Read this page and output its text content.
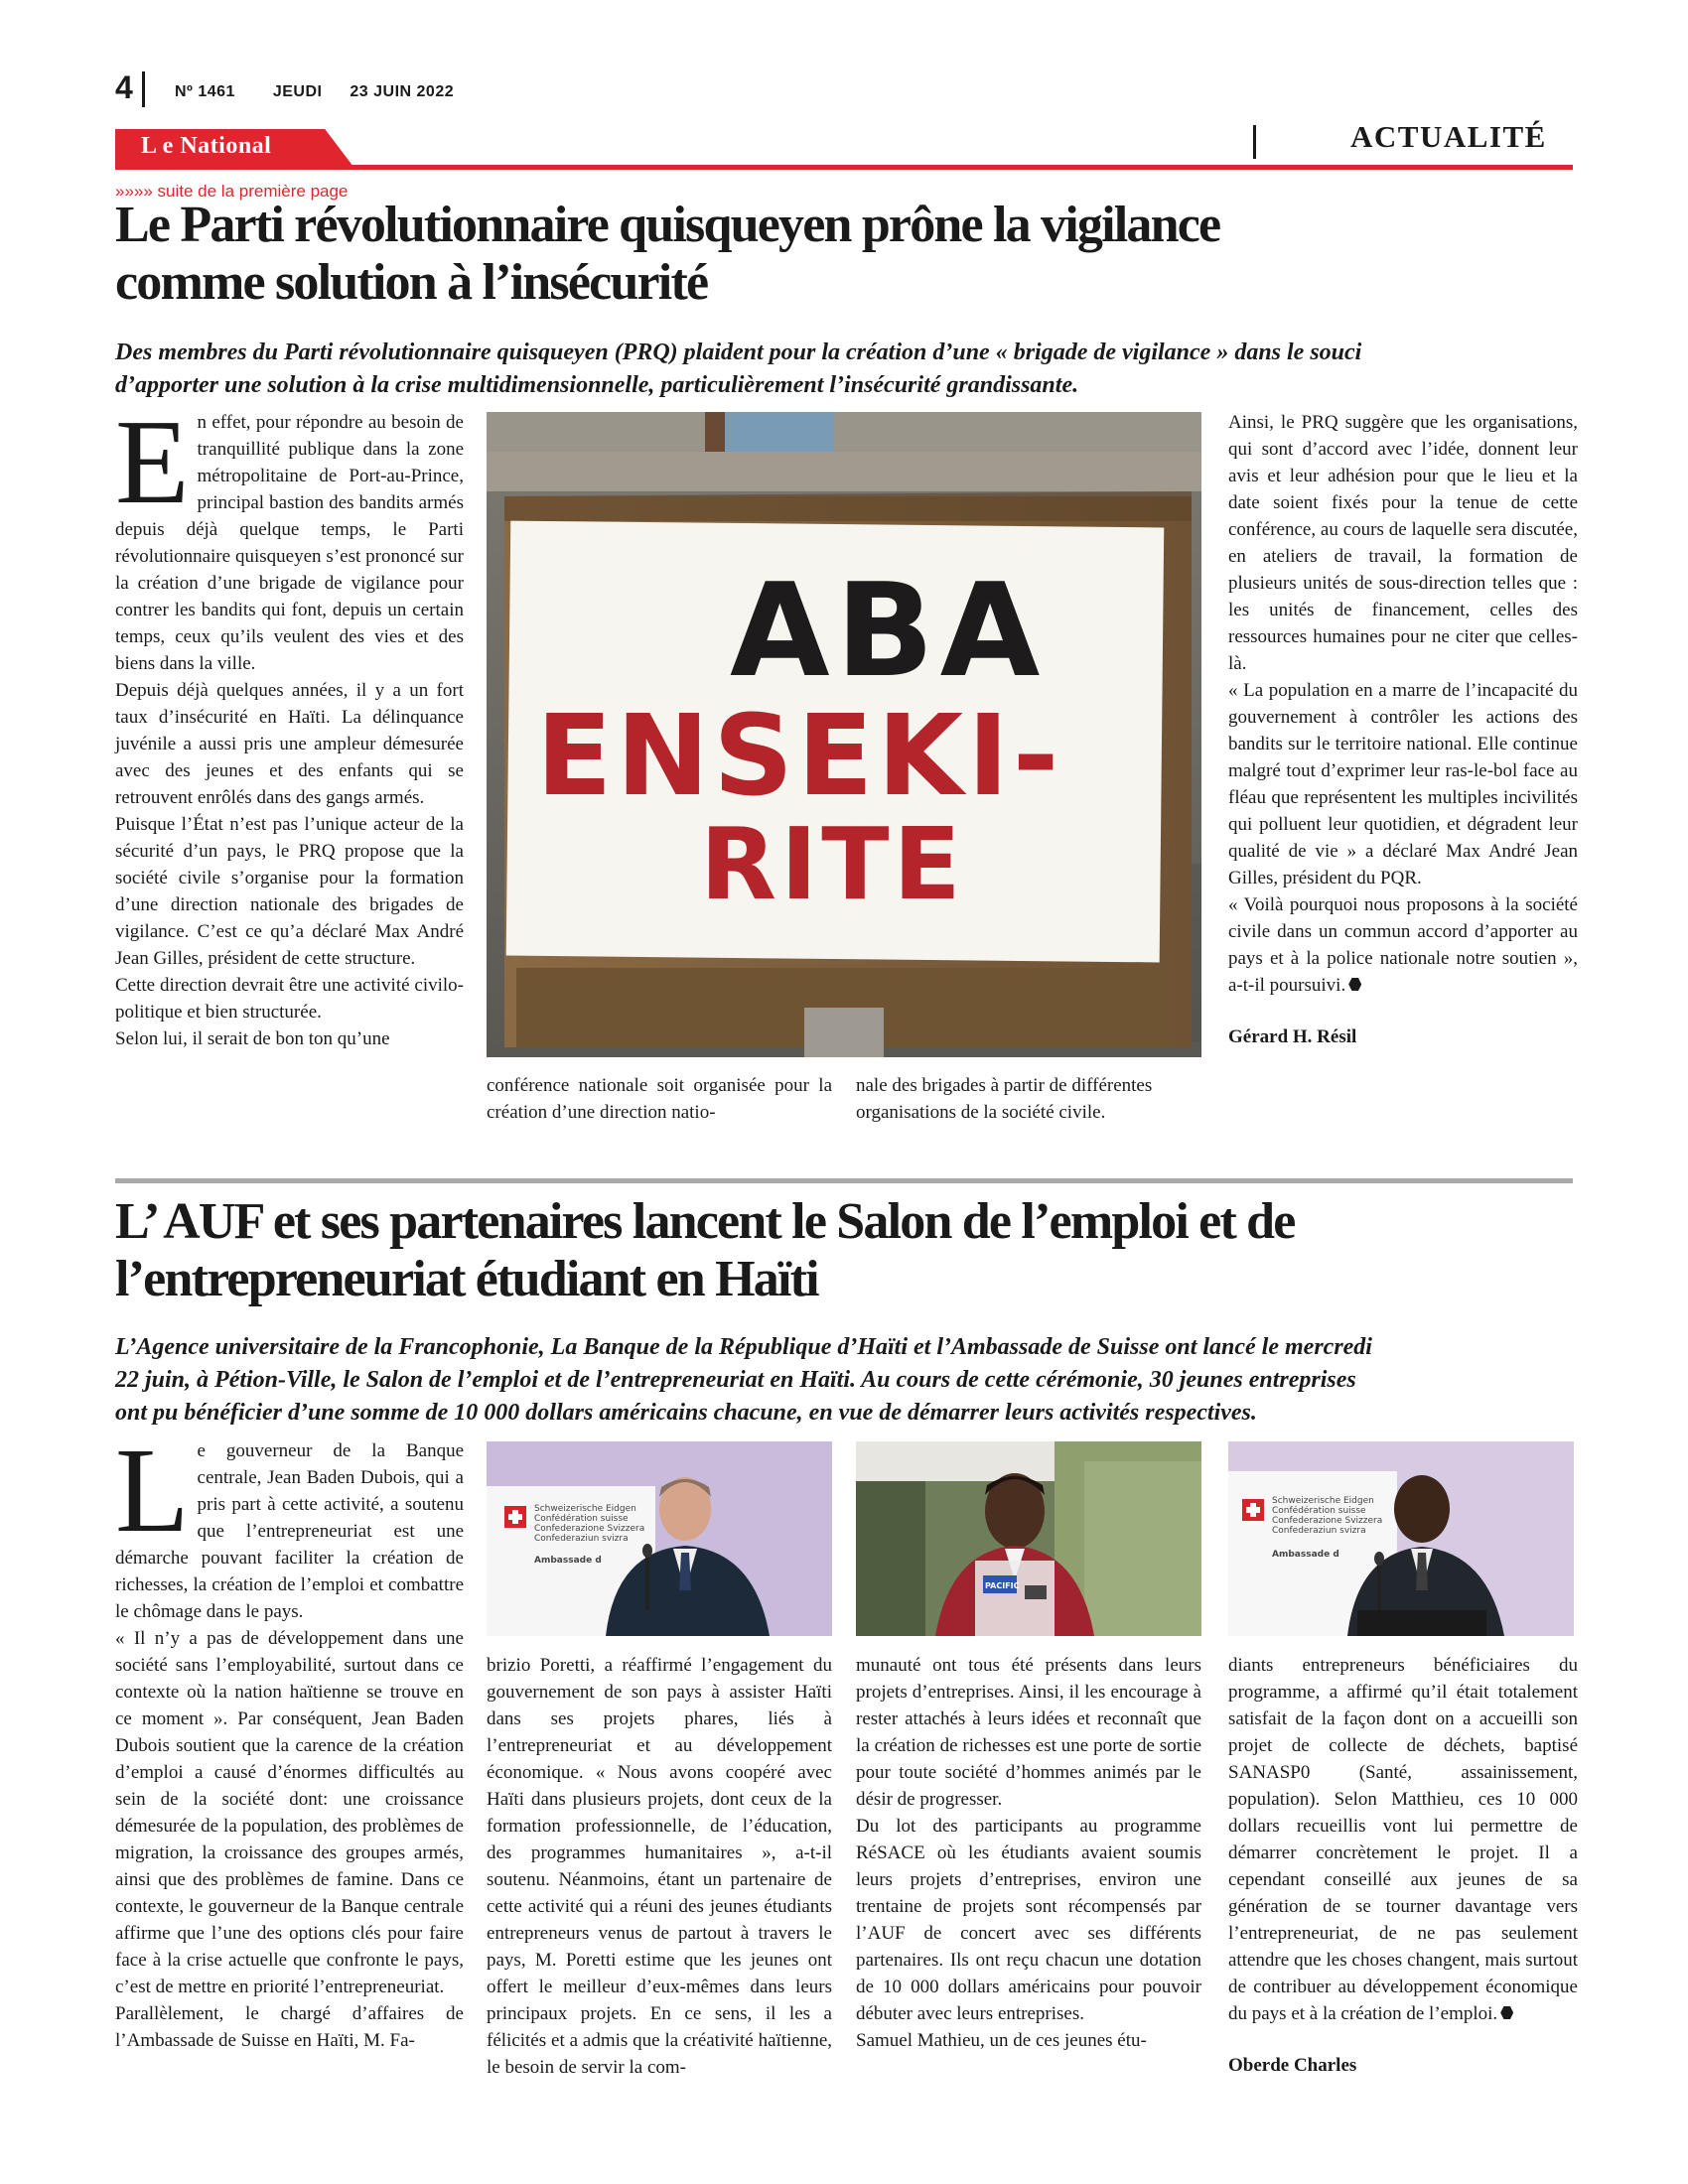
4	Nº 1461 JEUDI 23 JUIN 2022
L e National	ACTUALITÉ
»»»» suite de la première page
Le Parti révolutionnaire quisqueyen prône la vigilance
comme solution à l’insécurité
Des membres du Parti révolutionnaire quisqueyen (PRQ) plaident pour la création d’une « brigade de vigilance » dans le souci
d’apporter une solution à la crise multidimensionnelle, particulièrement l’insécurité grandissante.

En effet, pour répondre au besoin de tranquillité publique dans la zone métropolitaine de Port-au-Prince, principal bastion des bandits armés depuis déjà quelque temps, le Parti révolutionnaire quisqueyen s’est prononcé sur la création d’une brigade de vigilance pour contrer les bandits qui font, depuis un certain temps, ceux qu’ils veulent des vies et des biens dans la ville.

Depuis déjà quelques années, il y a un fort taux d’insécurité en Haïti. La délinquance juvénile a aussi pris une ampleur démesurée avec des jeunes et des enfants qui se retrouvent enrôlés dans des gangs armés.

Puisque l’État n’est pas l’unique acteur de la sécurité d’un pays, le PRQ propose que la société civile s’organise pour la formation d’une direction nationale des brigades de vigilance. C’est ce qu’a déclaré Max André Jean Gilles, président de cette structure.

Cette direction devrait être une activité civilo-politique et bien structurée.

Selon lui, il serait de bon ton qu’une

ABA
ENSEKI-
RITE
conférence nationale soit organisée pour la création d’une direction natio-
nale des brigades à partir de différentes organisations de la société civile.

Ainsi, le PRQ suggère que les organisations, qui sont d’accord avec l’idée, donnent leur avis et leur adhésion pour que le lieu et la date soient fixés pour la tenue de cette conférence, au cours de laquelle sera discutée, en ateliers de travail, la formation de plusieurs unités de sous-direction telles que : les unités de financement, celles des ressources humaines pour ne citer que celles-là.

« La population en a marre de l’incapacité du gouvernement à contrôler les actions des bandits sur le territoire national. Elle continue malgré tout d’exprimer leur ras-le-bol face au fléau que représentent les multiples incivilités qui polluent leur quotidien, et dégradent leur qualité de vie » a déclaré Max André Jean Gilles, président du PQR.

« Voilà pourquoi nous proposons à la société civile dans un commun accord d’apporter au pays et à la police nationale notre soutien », a-t-il poursuivi.

Gérard H. Résil

L’ AUF et ses partenaires lancent le Salon de l’emploi et de
l’entrepreneuriat étudiant en Haïti
L’Agence universitaire de la Francophonie, La Banque de la République d’Haïti et l’Ambassade de Suisse ont lancé le mercredi
22 juin, à Pétion-Ville, le Salon de l’emploi et de l’entrepreneuriat en Haïti. Au cours de cette cérémonie, 30 jeunes entreprises
ont pu bénéficier d’une somme de 10 000 dollars américains chacune, en vue de démarrer leurs activités respectives.

Le gouverneur de la Banque centrale, Jean Baden Dubois, qui a pris part à cette activité, a soutenu que l’entrepreneuriat est une démarche pouvant faciliter la création de richesses, la création de l’emploi et combattre le chômage dans le pays.

« Il n’y a pas de développement dans une société sans l’employabilité, surtout dans ce contexte où la nation haïtienne se trouve en ce moment ». Par conséquent, Jean Baden Dubois soutient que la carence de la création d’emploi a causé d’énormes difficultés au sein de la société dont: une croissance démesurée de la population, des problèmes de migration, la croissance des groupes armés, ainsi que des problèmes de famine. Dans ce contexte, le gouverneur de la Banque centrale affirme que l’une des options clés pour faire face à la crise actuelle que confronte le pays, c’est de mettre en priorité l’entrepreneuriat.

Parallèlement, le chargé d’affaires de l’Ambassade de Suisse en Haïti, M. Fa-

Schweizerische Eidgen
Confédération suisse
Confederazione Svizzera
Confederaziun svizra
Ambassade d
PACIFIC
Schweizerische Eidgen
Confédération suisse
Confederazione Svizzera
Confederaziun svizra
Ambassade d
brizio Poretti, a réaffirmé l’engagement du gouvernement de son pays à assister Haïti dans ses projets phares, liés à l’entrepreneuriat et au développement économique. « Nous avons coopéré avec Haïti dans plusieurs projets, dont ceux de la formation professionnelle, de l’éducation, des programmes humanitaires », a-t-il soutenu. Néanmoins, étant un partenaire de cette activité qui a réuni des jeunes étudiants entrepreneurs venus de partout à travers le pays, M. Poretti estime que les jeunes ont offert le meilleur d’eux-mêmes dans leurs principaux projets. En ce sens, il les a félicités et a admis que la créativité haïtienne, le besoin de servir la com-

munauté ont tous été présents dans leurs projets d’entreprises. Ainsi, il les encourage à rester attachés à leurs idées et reconnaît que la création de richesses est une porte de sortie pour toute société d’hommes animés par le désir de progresser.

Du lot des participants au programme RéSACE où les étudiants avaient soumis leurs projets d’entreprises, environ une trentaine de projets sont récompensés par l’AUF de concert avec ses différents partenaires. Ils ont reçu chacun une dotation de 10 000 dollars américains pour pouvoir débuter avec leurs entreprises.

Samuel Mathieu, un de ces jeunes étu-

diants entrepreneurs bénéficiaires du programme, a affirmé qu’il était totalement satisfait de la façon dont on a accueilli son projet de collecte de déchets, baptisé SANASP0 (Santé, assainissement, population). Selon Matthieu, ces 10 000 dollars recueillis vont lui permettre de démarrer concrètement le projet. Il a cependant conseillé aux jeunes de sa génération de se tourner davantage vers l’entrepreneuriat, de ne pas seulement attendre que les choses changent, mais surtout de contribuer au développement économique du pays et à la création de l’emploi.

Oberde Charles
